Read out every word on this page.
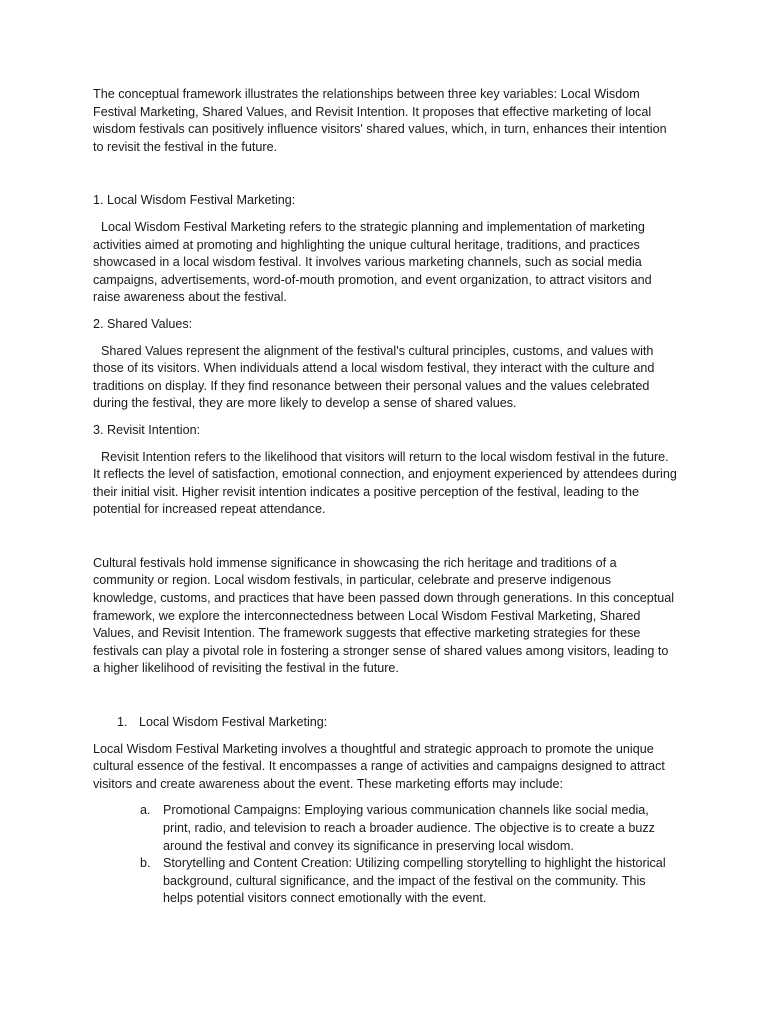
The conceptual framework illustrates the relationships between three key variables: Local Wisdom Festival Marketing, Shared Values, and Revisit Intention. It proposes that effective marketing of local wisdom festivals can positively influence visitors' shared values, which, in turn, enhances their intention to revisit the festival in the future.

1. Local Wisdom Festival Marketing:

Local Wisdom Festival Marketing refers to the strategic planning and implementation of marketing activities aimed at promoting and highlighting the unique cultural heritage, traditions, and practices showcased in a local wisdom festival. It involves various marketing channels, such as social media campaigns, advertisements, word-of-mouth promotion, and event organization, to attract visitors and raise awareness about the festival.

2. Shared Values:

Shared Values represent the alignment of the festival's cultural principles, customs, and values with those of its visitors. When individuals attend a local wisdom festival, they interact with the culture and traditions on display. If they find resonance between their personal values and the values celebrated during the festival, they are more likely to develop a sense of shared values.

3. Revisit Intention:

Revisit Intention refers to the likelihood that visitors will return to the local wisdom festival in the future. It reflects the level of satisfaction, emotional connection, and enjoyment experienced by attendees during their initial visit. Higher revisit intention indicates a positive perception of the festival, leading to the potential for increased repeat attendance.

Cultural festivals hold immense significance in showcasing the rich heritage and traditions of a community or region. Local wisdom festivals, in particular, celebrate and preserve indigenous knowledge, customs, and practices that have been passed down through generations. In this conceptual framework, we explore the interconnectedness between Local Wisdom Festival Marketing, Shared Values, and Revisit Intention. The framework suggests that effective marketing strategies for these festivals can play a pivotal role in fostering a stronger sense of shared values among visitors, leading to a higher likelihood of revisiting the festival in the future.

1. Local Wisdom Festival Marketing:

Local Wisdom Festival Marketing involves a thoughtful and strategic approach to promote the unique cultural essence of the festival. It encompasses a range of activities and campaigns designed to attract visitors and create awareness about the event. These marketing efforts may include:

a. Promotional Campaigns: Employing various communication channels like social media, print, radio, and television to reach a broader audience. The objective is to create a buzz around the festival and convey its significance in preserving local wisdom.
b. Storytelling and Content Creation: Utilizing compelling storytelling to highlight the historical background, cultural significance, and the impact of the festival on the community. This helps potential visitors connect emotionally with the event.
